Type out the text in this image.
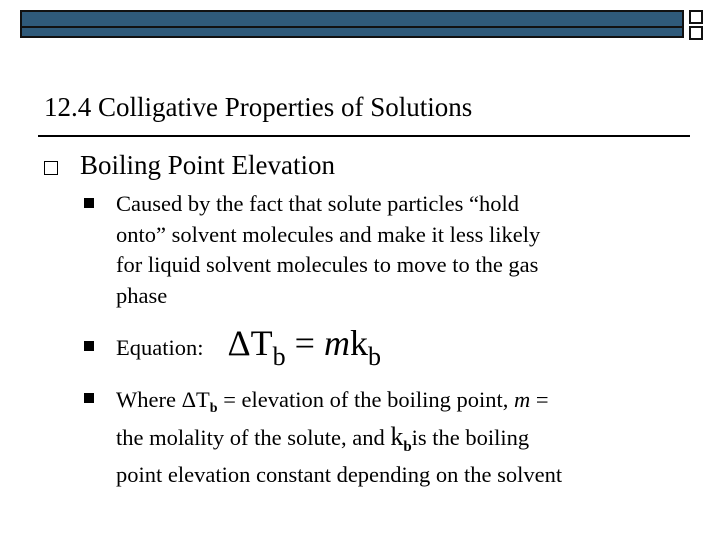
12.4 Colligative Properties of Solutions
Boiling Point Elevation
Caused by the fact that solute particles “hold
onto” solvent molecules and make it less likely
for liquid solvent molecules to move to the gas
phase
Equation: $\Delta T_b = mk_b$
Where $\Delta T_b$ = elevation of the boiling point, m =
the molality of the solute, and $k_bis$ the boiling
point elevation constant depending on the solvent
